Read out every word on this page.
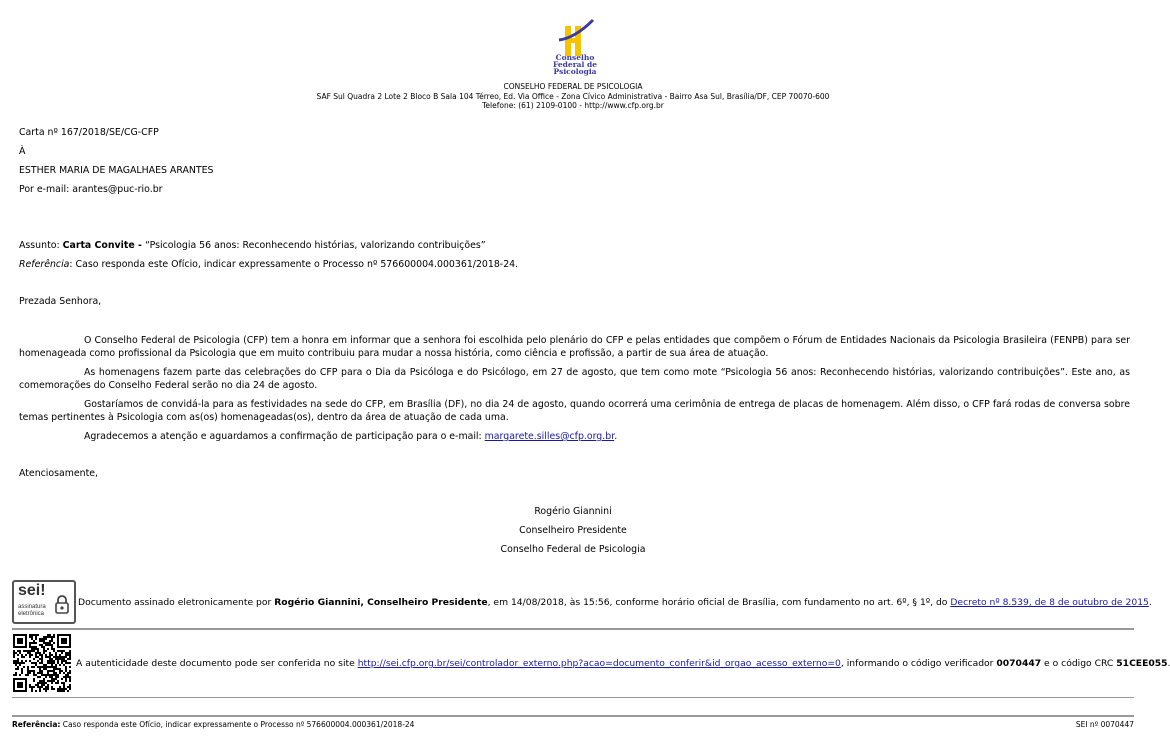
Conselho
Federal de
Psicologia
CONSELHO FEDERAL DE PSICOLOGIA
SAF Sul Quadra 2 Lote 2 Bloco B Sala 104 Térreo, Ed. Via Office - Zona Cívico Administrativa - Bairro Asa Sul, Brasília/DF, CEP 70070-600
Telefone: (61) 2109-0100 - http://www.cfp.org.br
Carta nº 167/2018/SE/CG-CFP
À
ESTHER MARIA DE MAGALHAES ARANTES
Por e-mail: arantes@puc-rio.br
Assunto: Carta Convite - “Psicologia 56 anos: Reconhecendo histórias, valorizando contribuições”
Referência: Caso responda este Ofício, indicar expressamente o Processo nº 576600004.000361/2018-24.
Prezada Senhora,
O Conselho Federal de Psicologia (CFP) tem a honra em informar que a senhora foi escolhida pelo plenário do CFP e pelas entidades que compõem o Fórum de Entidades Nacionais da Psicologia Brasileira (FENPB) para ser homenageada como profissional da Psicologia que em muito contribuiu para mudar a nossa história, como ciência e profissão, a partir de sua área de atuação.
As homenagens fazem parte das celebrações do CFP para o Dia da Psicóloga e do Psicólogo, em 27 de agosto, que tem como mote “Psicologia 56 anos: Reconhecendo histórias, valorizando contribuições”. Este ano, as comemorações do Conselho Federal serão no dia 24 de agosto.
Gostaríamos de convidá-la para as festividades na sede do CFP, em Brasília (DF), no dia 24 de agosto, quando ocorrerá uma cerimônia de entrega de placas de homenagem. Além disso, o CFP fará rodas de conversa sobre temas pertinentes à Psicologia com as(os) homenageadas(os), dentro da área de atuação de cada uma.
Agradecemos a atenção e aguardamos a confirmação de participação para o e-mail: margarete.silles@cfp.org.br.
Atenciosamente,
Rogério Giannini
Conselheiro Presidente
Conselho Federal de Psicologia
sei!
assinatura
eletrônica
Documento assinado eletronicamente por Rogério Giannini, Conselheiro Presidente, em 14/08/2018, às 15:56, conforme horário oficial de Brasília, com fundamento no art. 6º, § 1º, do Decreto nº 8.539, de 8 de outubro de 2015.
A autenticidade deste documento pode ser conferida no site http://sei.cfp.org.br/sei/controlador_externo.php?acao=documento_conferir&id_orgao_acesso_externo=0, informando o código verificador 0070447 e o código CRC 51CEE055
Referência: Caso responda este Ofício, indicar expressamente o Processo nº 576600004.000361/2018-24	SEI nº 0070447
